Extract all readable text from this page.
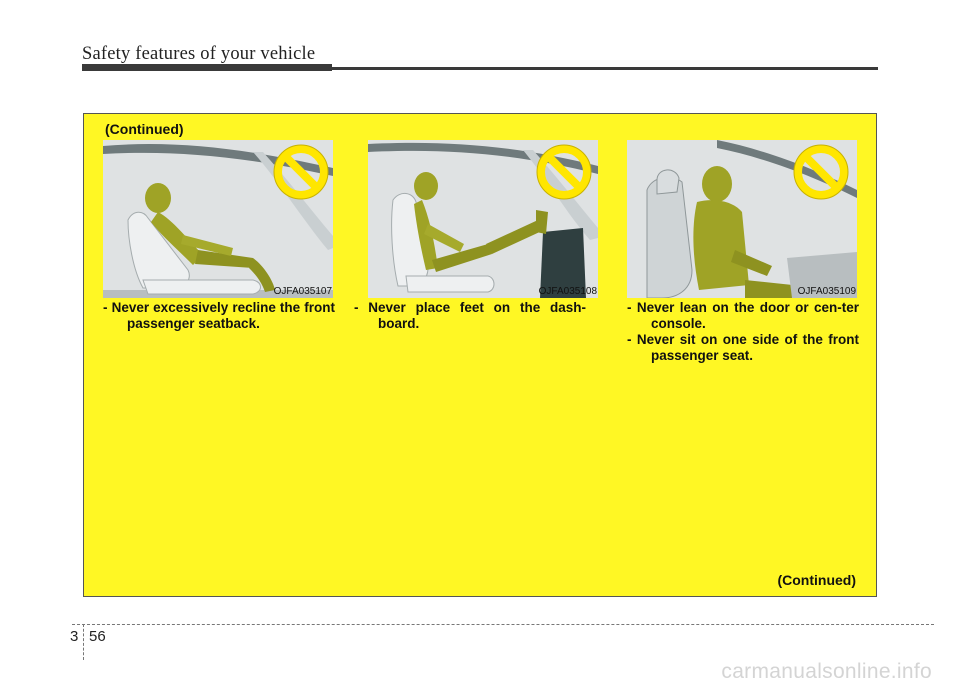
Safety features of your vehicle
(Continued)
(Continued)
OJFA035107	OJFA035108	OJFA035109
- Never excessively recline the front passenger seatback.
- Never place feet on the dash-board.
- Never lean on the door or cen-ter console.
- Never sit on one side of the front passenger seat.
3 56
carmanualsonline.info
